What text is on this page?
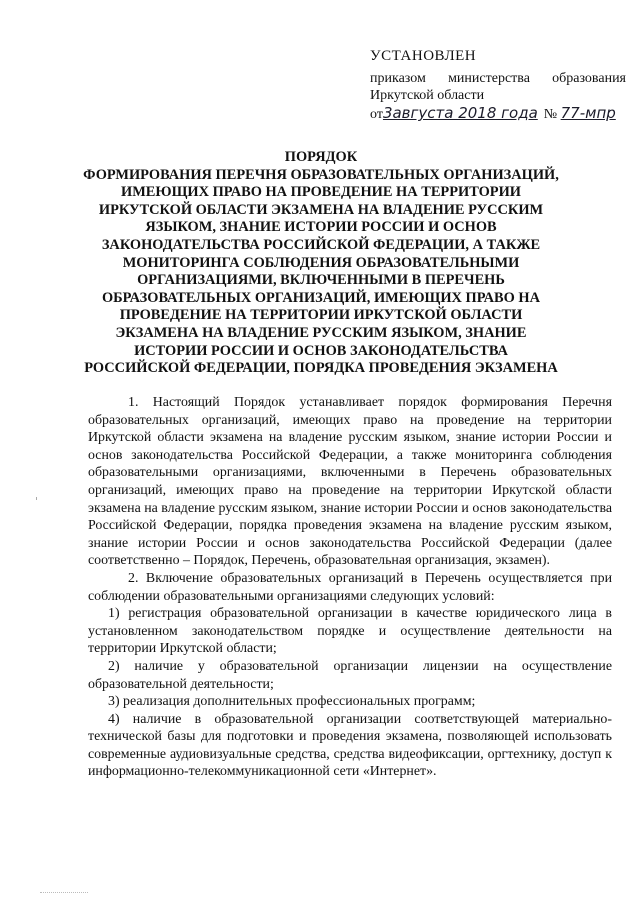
УСТАНОВЛЕН
приказом министерства образования
Иркутской области
от3августа 2018 года № 77-мпр
ПОРЯДОК
ФОРМИРОВАНИЯ ПЕРЕЧНЯ ОБРАЗОВАТЕЛЬНЫХ ОРГАНИЗАЦИЙ, ИМЕЮЩИХ ПРАВО НА ПРОВЕДЕНИЕ НА ТЕРРИТОРИИ ИРКУТСКОЙ ОБЛАСТИ ЭКЗАМЕНА НА ВЛАДЕНИЕ РУССКИМ ЯЗЫКОМ, ЗНАНИЕ ИСТОРИИ РОССИИ И ОСНОВ ЗАКОНОДАТЕЛЬСТВА РОССИЙСКОЙ ФЕДЕРАЦИИ, А ТАКЖЕ МОНИТОРИНГА СОБЛЮДЕНИЯ ОБРАЗОВАТЕЛЬНЫМИ ОРГАНИЗАЦИЯМИ, ВКЛЮЧЕННЫМИ В ПЕРЕЧЕНЬ ОБРАЗОВАТЕЛЬНЫХ ОРГАНИЗАЦИЙ, ИМЕЮЩИХ ПРАВО НА ПРОВЕДЕНИЕ НА ТЕРРИТОРИИ ИРКУТСКОЙ ОБЛАСТИ ЭКЗАМЕНА НА ВЛАДЕНИЕ РУССКИМ ЯЗЫКОМ, ЗНАНИЕ ИСТОРИИ РОССИИ И ОСНОВ ЗАКОНОДАТЕЛЬСТВА РОССИЙСКОЙ ФЕДЕРАЦИИ, ПОРЯДКА ПРОВЕДЕНИЯ ЭКЗАМЕНА

1. Настоящий Порядок устанавливает порядок формирования Перечня образовательных организаций, имеющих право на проведение на территории Иркутской области экзамена на владение русским языком, знание истории России и основ законодательства Российской Федерации, а также мониторинга соблюдения образовательными организациями, включенными в Перечень образовательных организаций, имеющих право на проведение на территории Иркутской области экзамена на владение русским языком, знание истории России и основ законодательства Российской Федерации, порядка проведения экзамена на владение русским языком, знание истории России и основ законодательства Российской Федерации (далее соответственно – Порядок, Перечень, образовательная организация, экзамен).

2. Включение образовательных организаций в Перечень осуществляется при соблюдении образовательными организациями следующих условий:

1) регистрация образовательной организации в качестве юридического лица в установленном законодательством порядке и осуществление деятельности на территории Иркутской области;

2) наличие у образовательной организации лицензии на осуществление образовательной деятельности;

3) реализация дополнительных профессиональных программ;

4) наличие в образовательной организации соответствующей материально-технической базы для подготовки и проведения экзамена, позволяющей использовать современные аудиовизуальные средства, средства видеофиксации, оргтехнику, доступ к информационно-телекоммуникационной сети «Интернет».
